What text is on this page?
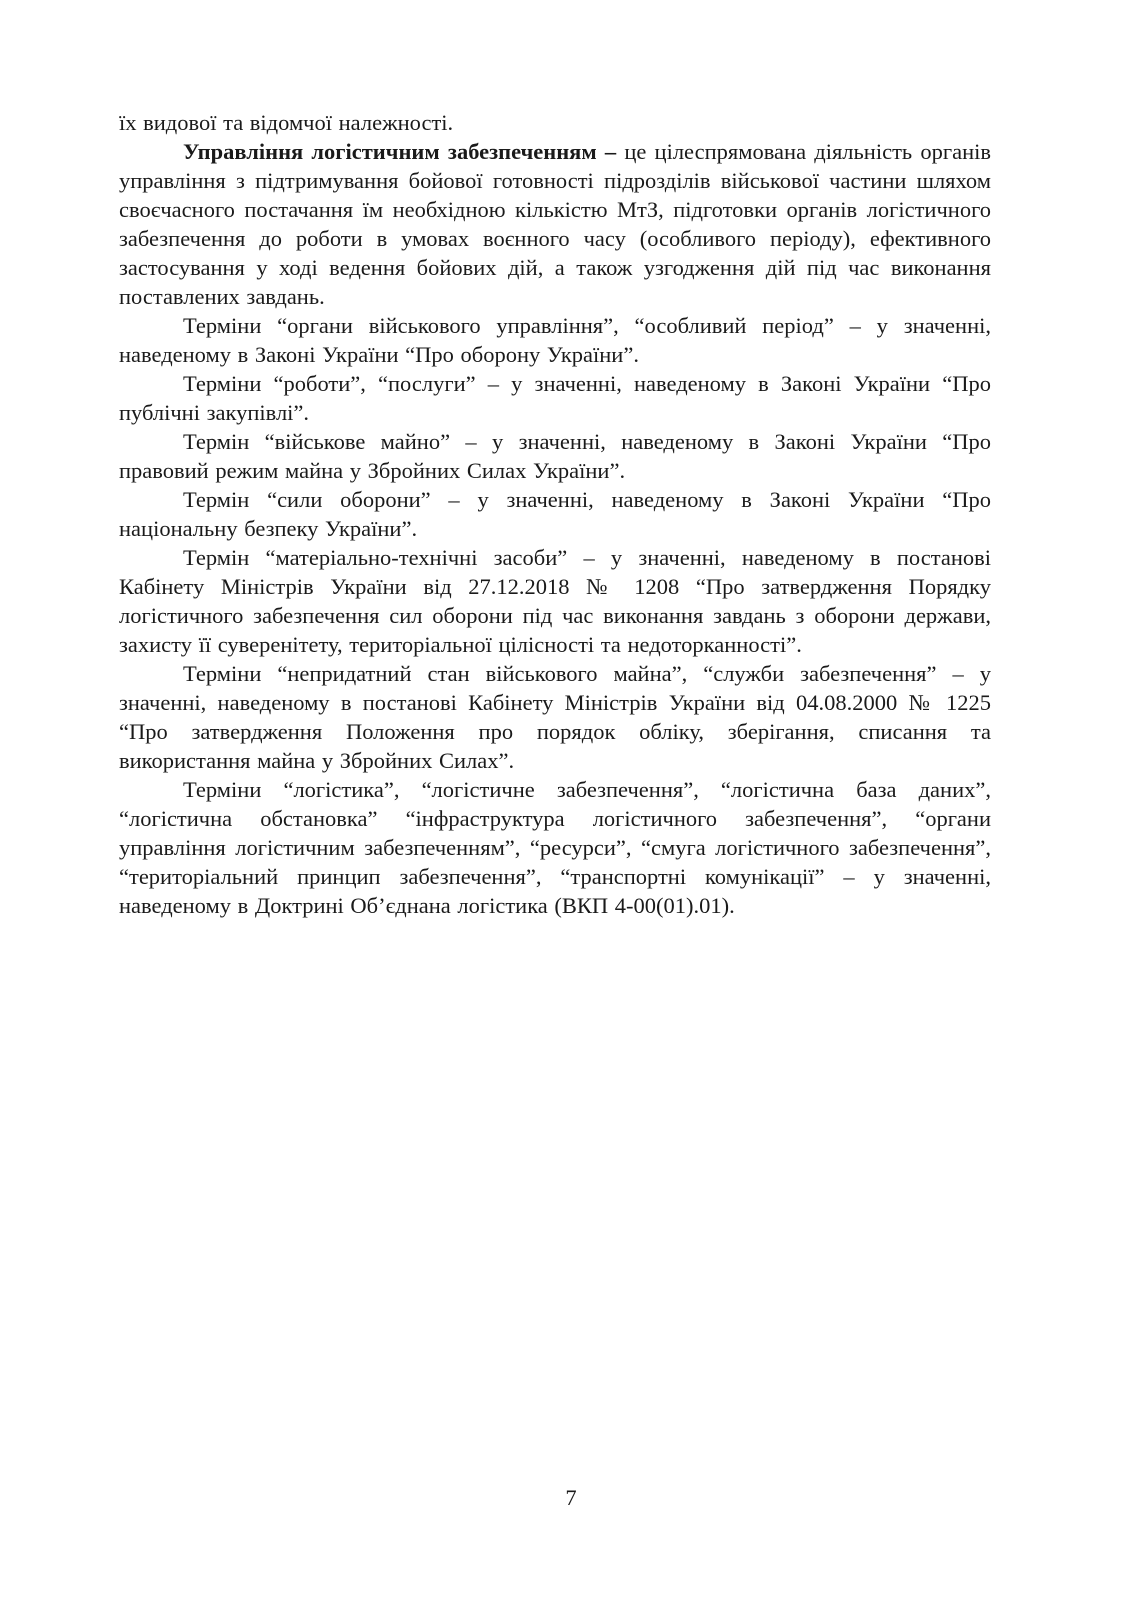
їх видової та відомчої належності.

Управління логістичним забезпеченням – це цілеспрямована діяльність органів управління з підтримування бойової готовності підрозділів військової частини шляхом своєчасного постачання їм необхідною кількістю МтЗ, підготовки органів логістичного забезпечення до роботи в умовах воєнного часу (особливого періоду), ефективного застосування у ході ведення бойових дій, а також узгодження дій під час виконання поставлених завдань.

Терміни “органи військового управління”, “особливий період” – у значенні, наведеному в Законі України “Про оборону України”.

Терміни “роботи”, “послуги” – у значенні, наведеному в Законі України “Про публічні закупівлі”.

Термін “військове майно” – у значенні, наведеному в Законі України “Про правовий режим майна у Збройних Силах України”.

Термін “сили оборони” – у значенні, наведеному в Законі України “Про національну безпеку України”.

Термін “матеріально-технічні засоби” – у значенні, наведеному в постанові Кабінету Міністрів України від 27.12.2018 № 1208 “Про затвердження Порядку логістичного забезпечення сил оборони під час виконання завдань з оборони держави, захисту її суверенітету, територіальної цілісності та недоторканності”.

Терміни “непридатний стан військового майна”, “служби забезпечення” – у значенні, наведеному в постанові Кабінету Міністрів України від 04.08.2000 № 1225 “Про затвердження Положення про порядок обліку, зберігання, списання та використання майна у Збройних Силах”.

Терміни “логістика”, “логістичне забезпечення”, “логістична база даних”, “логістична обстановка” “інфраструктура логістичного забезпечення”, “органи управління логістичним забезпеченням”, “ресурси”, “смуга логістичного забезпечення”, “територіальний принцип забезпечення”, “транспортні комунікації” – у значенні, наведеному в Доктрині Об’єднана логістика (ВКП 4-00(01).01).

7
